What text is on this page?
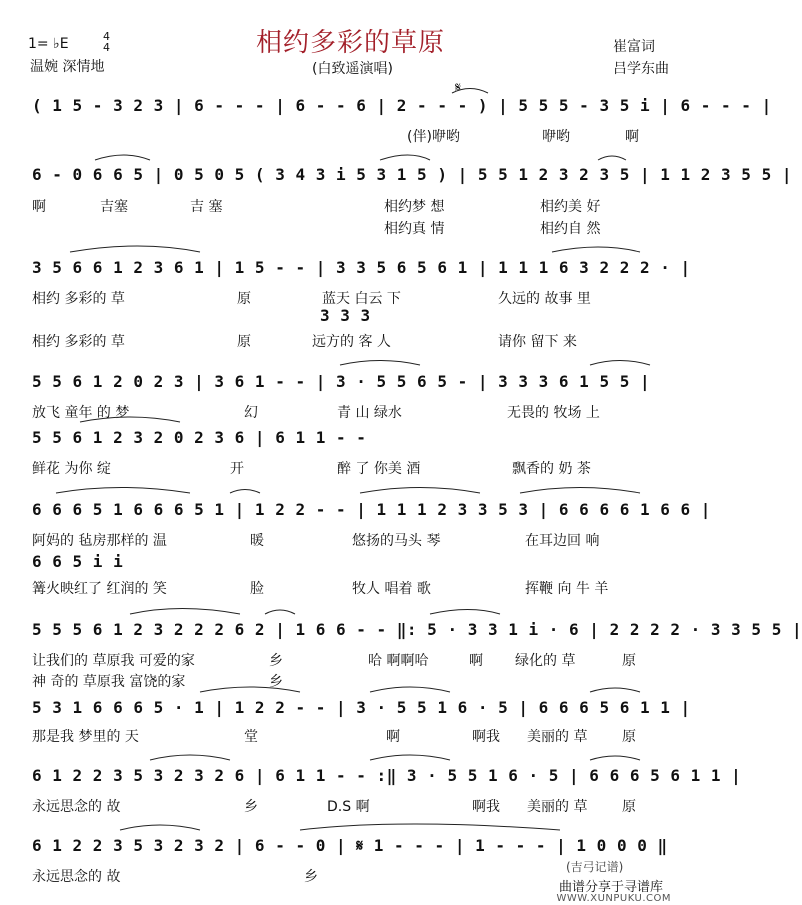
相约多彩的草原
1= ♭E	4
4
温婉 深情地	(白致遥演唱)
崔富词
吕学东曲
𝄋
( 1 5 - 3 2 3 | 6 - - - | 6 - - 6 | 2 - - - ) | 5 5 5 - 3 5 i | 6 - - - |
(伴)咿哟	咿哟	啊
6 - 0 6 6 5 | 0 5 0 5 ( 3 4 3 i 5 3 1 5 ) | 5 5 1 2 3 2 3 5 | 1 1 2 3 5 5 |
啊	吉塞	吉 塞	相约梦 想	相约美 好
相约真 情	相约自 然
3 5 6 6 1 2 3 6 1 | 1 5 - - | 3 3 5 6 5 6 1 | 1 1 1 6 3 2 2 2 · |
相约 多彩的 草	原	蓝天 白云 下	久远的 故事 里
3 3 3
相约 多彩的 草	原	远方的 客 人	请你 留下 来
5 5 6 1 2 0 2 3 | 3 6 1 - - | 3 · 5 5 6 5 - | 3 3 3 6 1 5 5 |
放飞 童年 的 梦	幻	青 山 绿水	无畏的 牧场 上
5 5 6 1 2 3 2 0 2 3 6 | 6 1 1 - -
鲜花 为你 绽	开	醉 了 你美 酒	飘香的 奶 茶
6 6 6 5 1 6 6 6 5 1 | 1 2 2 - - | 1 1 1 2 3 3 5 3 | 6 6 6 6 1 6 6 |
阿妈的 毡房那样的 温	暖	悠扬的马头 琴	在耳边回 响
6 6 5 i i
篝火映红了 红润的 笑	脸	牧人 唱着 歌	挥鞭 向 牛 羊
5 5 5 6 1 2 3 2 2 2 6 2 | 1 6 6 - - ‖: 5 · 3 3 1 i · 6 | 2 2 2 2 · 3 3 5 5 |
让我们的 草原我 可爱的家	乡	哈 啊啊哈	啊 绿化的 草	原
神 奇的 草原我 富饶的家	乡
5 3 1 6 6 6 5 · 1 | 1 2 2 - - | 3 · 5 5 1 6 · 5 | 6 6 6 5 6 1 1 |
那是我 梦里的 天	堂	啊	啊我 美丽的 草 原
6 1 2 2 3 5 3 2 3 2 6 | 6 1 1 - - :‖ 3 · 5 5 1 6 · 5 | 6 6 6 5 6 1 1 |
永远思念的 故	乡	D.S 啊	啊我 美丽的 草 原
6 1 2 2 3 5 3 2 3 2 | 6 - - 0 | 𝄋 1 - - - | 1 - - - | 1 0 0 0 ‖
永远思念的 故	乡
(吉弓记谱)
曲谱分享于寻谱库
WWW.XUNPUKU.COM
